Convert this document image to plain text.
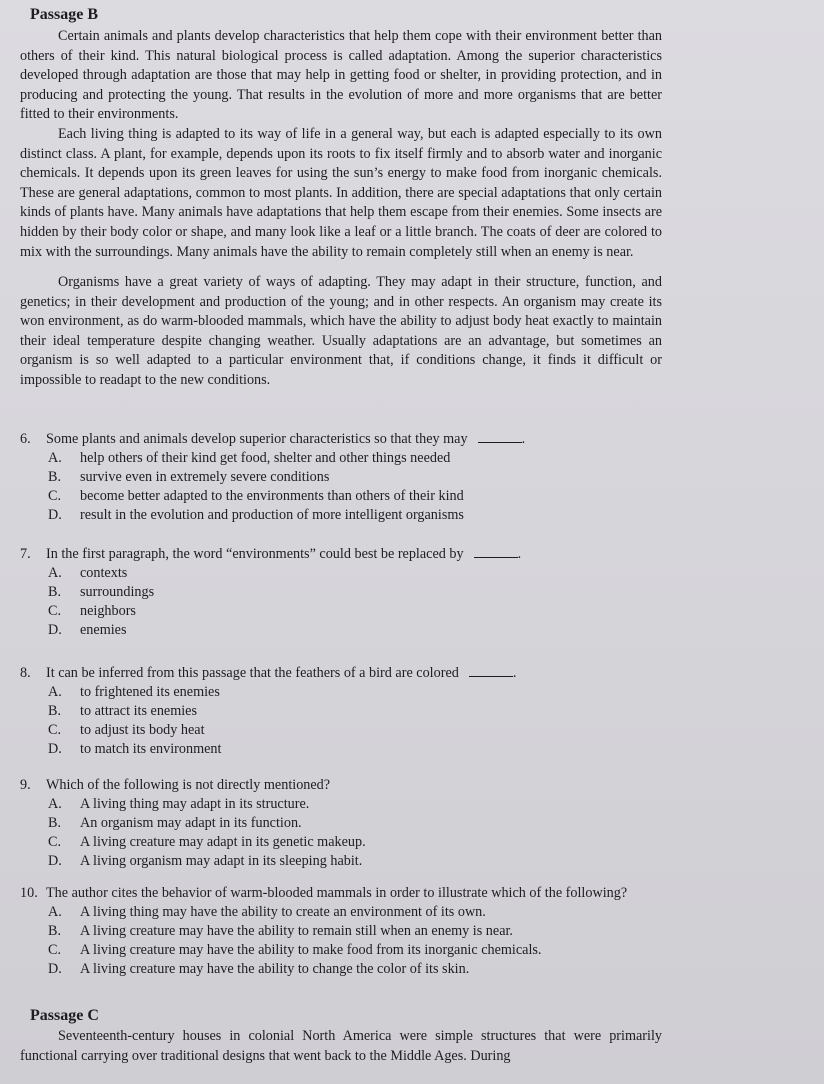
Passage B
Certain animals and plants develop characteristics that help them cope with their environment better than others of their kind. This natural biological process is called adaptation. Among the superior characteristics developed through adaptation are those that may help in getting food or shelter, in providing protection, and in producing and protecting the young. That results in the evolution of more and more organisms that are better fitted to their environments.
Each living thing is adapted to its way of life in a general way, but each is adapted especially to its own distinct class. A plant, for example, depends upon its roots to fix itself firmly and to absorb water and inorganic chemicals. It depends upon its green leaves for using the sun’s energy to make food from inorganic chemicals. These are general adaptations, common to most plants. In addition, there are special adaptations that only certain kinds of plants have. Many animals have adaptations that help them escape from their enemies. Some insects are hidden by their body color or shape, and many look like a leaf or a little branch. The coats of deer are colored to mix with the surroundings. Many animals have the ability to remain completely still when an enemy is near.
Organisms have a great variety of ways of adapting. They may adapt in their structure, function, and genetics; in their development and production of the young; and in other respects. An organism may create its won environment, as do warm-blooded mammals, which have the ability to adjust body heat exactly to maintain their ideal temperature despite changing weather. Usually adaptations are an advantage, but sometimes an organism is so well adapted to a particular environment that, if conditions change, it finds it difficult or impossible to readapt to the new conditions.
6.	Some plants and animals develop superior characteristics so that they may	.
A.	help others of their kind get food, shelter and other things needed
B.	survive even in extremely severe conditions
C.	become better adapted to the environments than others of their kind
D.	result in the evolution and production of more intelligent organisms
7.	In the first paragraph, the word “environments” could best be replaced by	.
A.	contexts
B.	surroundings
C.	neighbors
D.	enemies
8.	It can be inferred from this passage that the feathers of a bird are colored	.
A.	to frightened its enemies
B.	to attract its enemies
C.	to adjust its body heat
D.	to match its environment
9.	Which of the following is not directly mentioned?
A.	A living thing may adapt in its structure.
B.	An organism may adapt in its function.
C.	A living creature may adapt in its genetic makeup.
D.	A living organism may adapt in its sleeping habit.
10. The author cites the behavior of warm-blooded mammals in order to illustrate which of the following?
A.	A living thing may have the ability to create an environment of its own.
B.	A living creature may have the ability to remain still when an enemy is near.
C.	A living creature may have the ability to make food from its inorganic chemicals.
D.	A living creature may have the ability to change the color of its skin.
Passage C
Seventeenth-century houses in colonial North America were simple structures that were primarily functional carrying over traditional designs that went back to the Middle Ages. During
